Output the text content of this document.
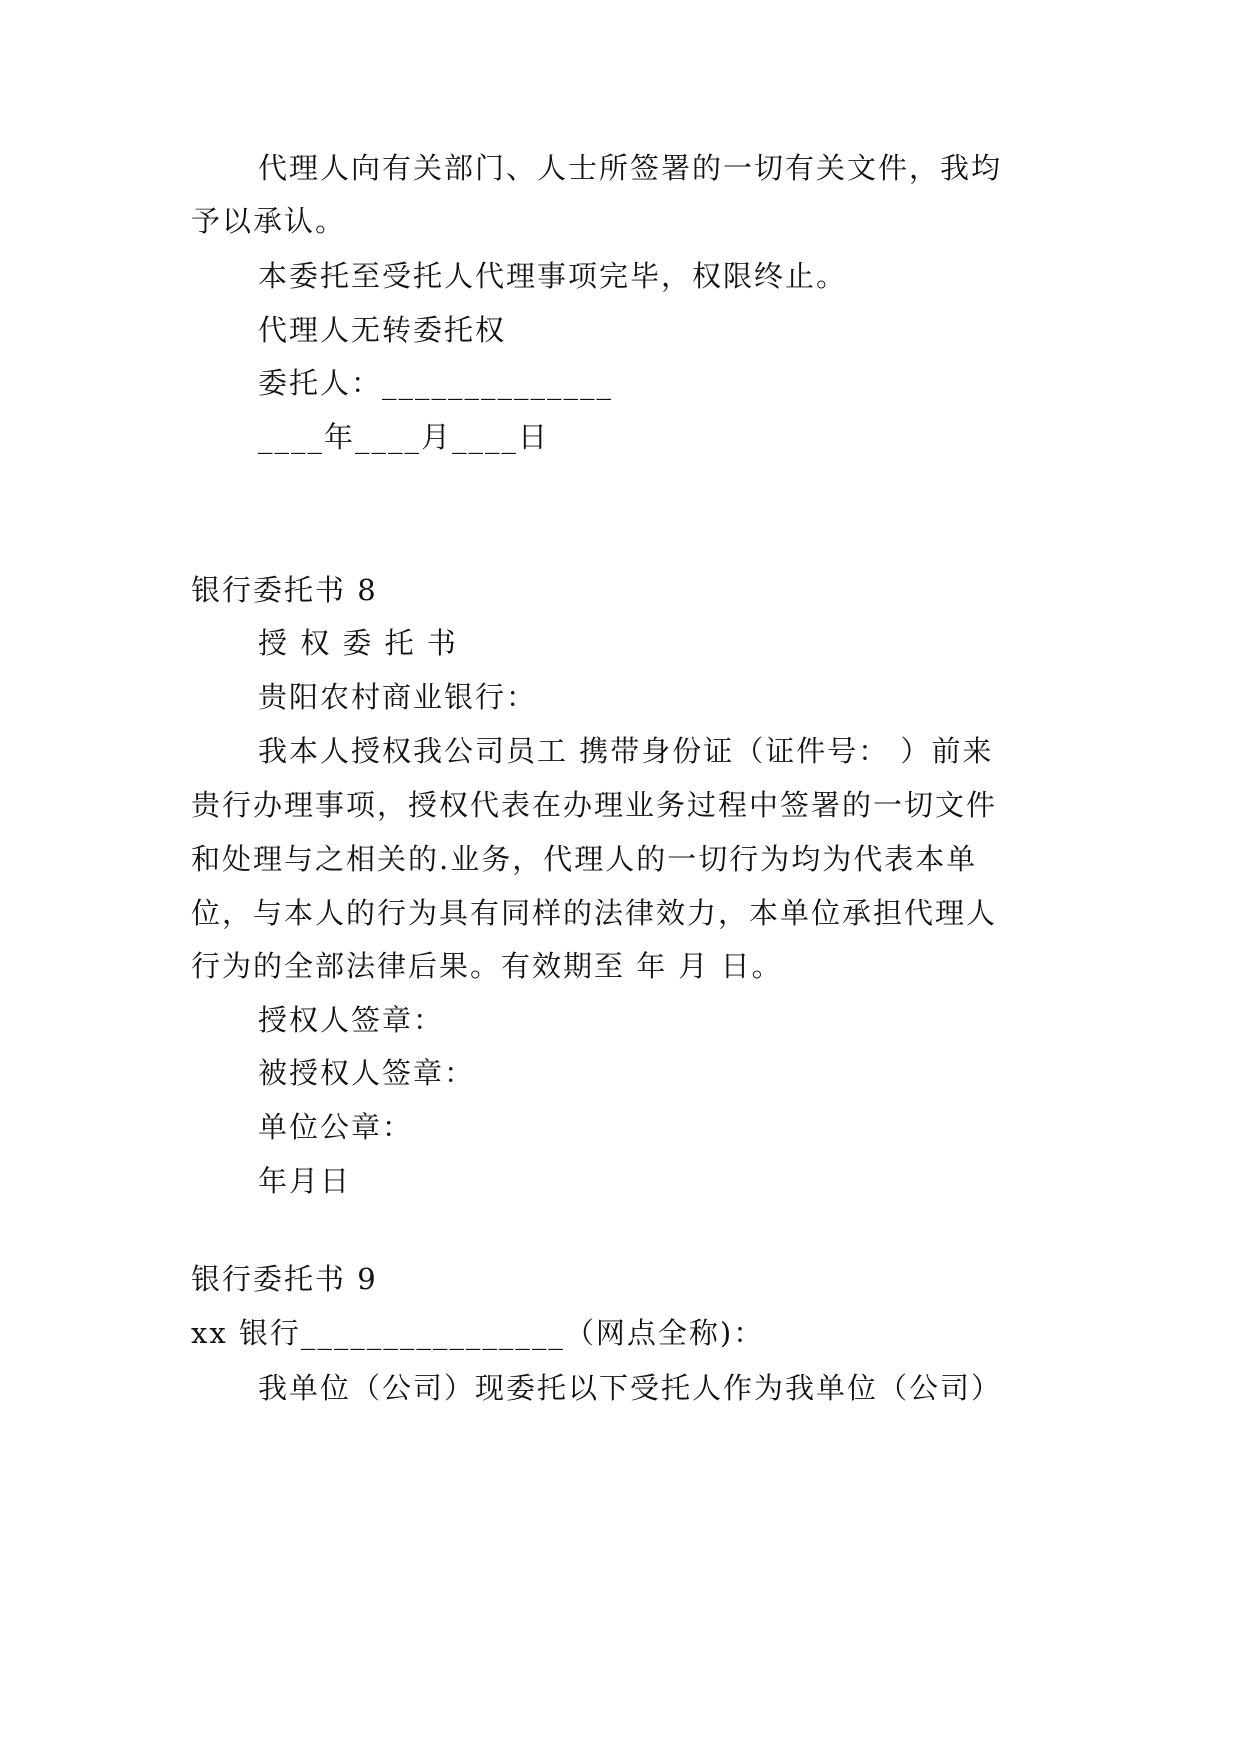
代理人向有关部门、人士所签署的一切有关文件，我均
予以承认。
本委托至受托人代理事项完毕，权限终止。
代理人无转委托权
委托人：______________
____年____月____日
银行委托书 8
授 权 委 托 书
贵阳农村商业银行：
我本人授权我公司员工 携带身份证（证件号： ）前来
贵行办理事项，授权代表在办理业务过程中签署的一切文件
和处理与之相关的.业务，代理人的一切行为均为代表本单
位，与本人的行为具有同样的法律效力，本单位承担代理人
行为的全部法律后果。有效期至 年 月 日。
授权人签章：
被授权人签章：
单位公章：
年月日
银行委托书 9
xx 银行________________（网点全称)：
我单位（公司）现委托以下受托人作为我单位（公司）
